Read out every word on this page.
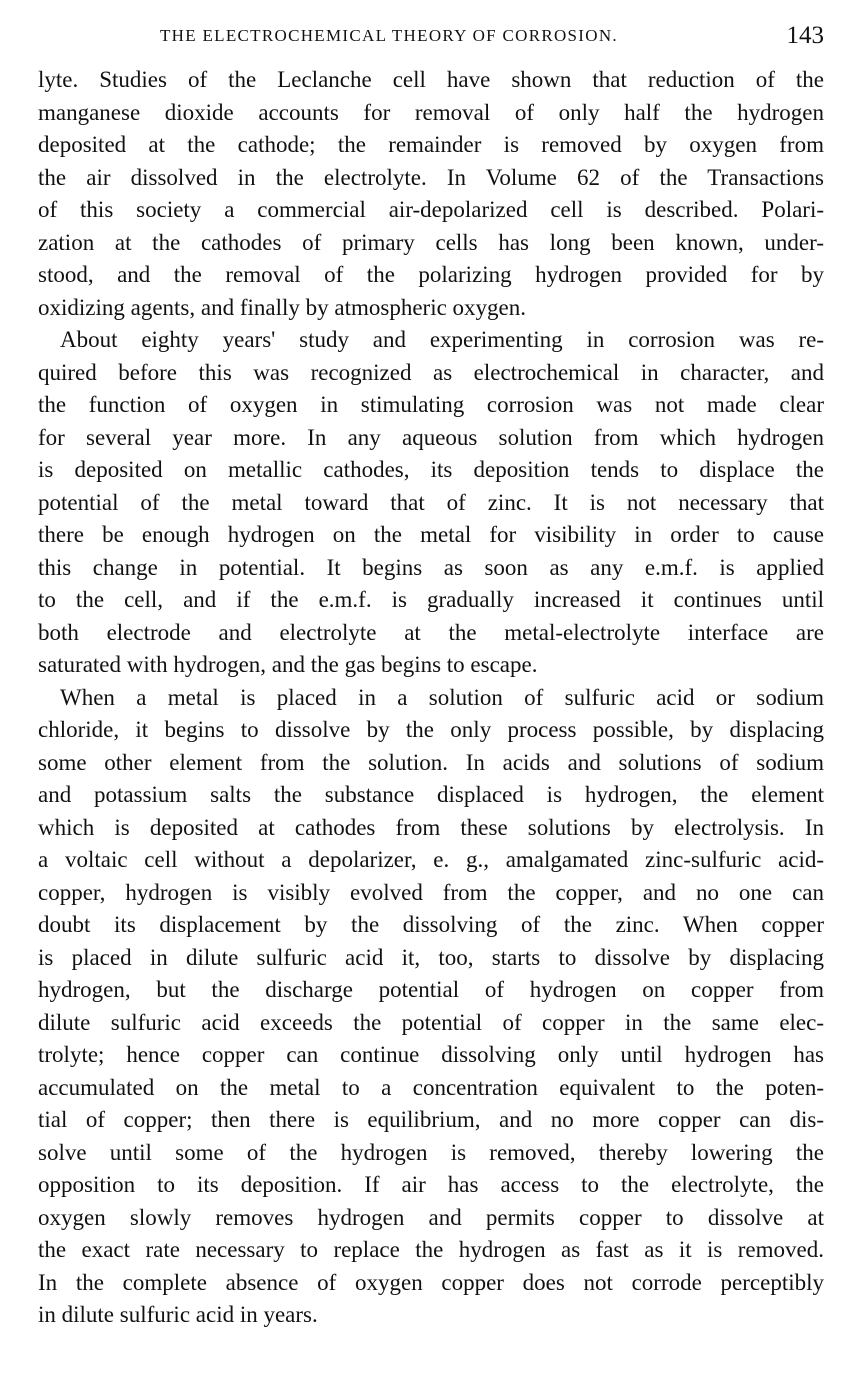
THE ELECTROCHEMICAL THEORY OF CORROSION.	143
lyte. Studies of the Leclanche cell have shown that reduction of the
manganese dioxide accounts for removal of only half the hydrogen
deposited at the cathode; the remainder is removed by oxygen from
the air dissolved in the electrolyte. In Volume 62 of the Transactions
of this society a commercial air-depolarized cell is described. Polari-
zation at the cathodes of primary cells has long been known, under-
stood, and the removal of the polarizing hydrogen provided for by
oxidizing agents, and finally by atmospheric oxygen.
About eighty years' study and experimenting in corrosion was re-
quired before this was recognized as electrochemical in character, and
the function of oxygen in stimulating corrosion was not made clear
for several year more. In any aqueous solution from which hydrogen
is deposited on metallic cathodes, its deposition tends to displace the
potential of the metal toward that of zinc. It is not necessary that
there be enough hydrogen on the metal for visibility in order to cause
this change in potential. It begins as soon as any e.m.f. is applied
to the cell, and if the e.m.f. is gradually increased it continues until
both electrode and electrolyte at the metal-electrolyte interface are
saturated with hydrogen, and the gas begins to escape.
When a metal is placed in a solution of sulfuric acid or sodium
chloride, it begins to dissolve by the only process possible, by displacing
some other element from the solution. In acids and solutions of sodium
and potassium salts the substance displaced is hydrogen, the element
which is deposited at cathodes from these solutions by electrolysis. In
a voltaic cell without a depolarizer, e. g., amalgamated zinc-sulfuric acid-
copper, hydrogen is visibly evolved from the copper, and no one can
doubt its displacement by the dissolving of the zinc. When copper
is placed in dilute sulfuric acid it, too, starts to dissolve by displacing
hydrogen, but the discharge potential of hydrogen on copper from
dilute sulfuric acid exceeds the potential of copper in the same elec-
trolyte; hence copper can continue dissolving only until hydrogen has
accumulated on the metal to a concentration equivalent to the poten-
tial of copper; then there is equilibrium, and no more copper can dis-
solve until some of the hydrogen is removed, thereby lowering the
opposition to its deposition. If air has access to the electrolyte, the
oxygen slowly removes hydrogen and permits copper to dissolve at
the exact rate necessary to replace the hydrogen as fast as it is removed.
In the complete absence of oxygen copper does not corrode perceptibly
in dilute sulfuric acid in years.
